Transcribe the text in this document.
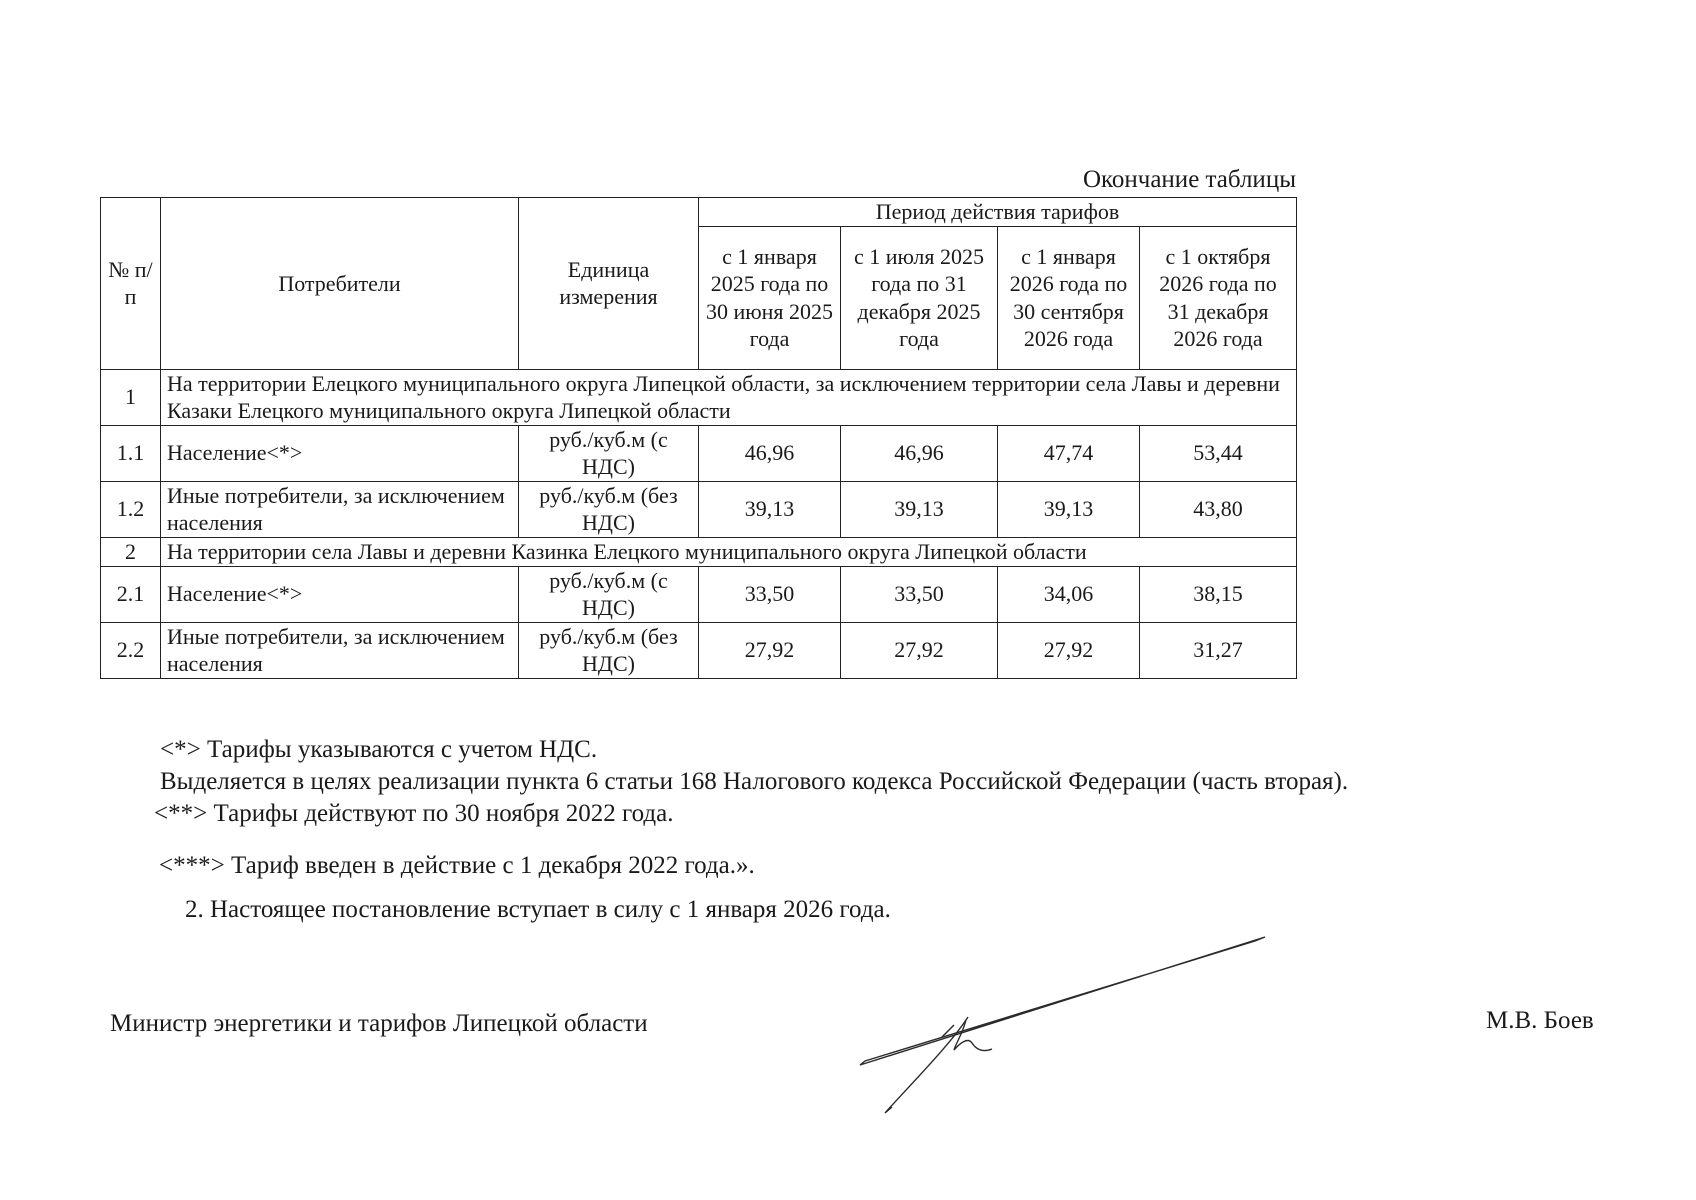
Окончание таблицы
№ п/п	Потребители	Единица измерения	Период действия тарифов			
			с 1 января 2025 года по 30 июня 2025 года	с 1 июля 2025 года по 31 декабря 2025 года	с 1 января 2026 года по 30 сентября 2026 года	с 1 октября 2026 года по 31 декабря 2026 года
1	На территории Елецкого муниципального округа Липецкой области, за исключением территории села Лавы и деревни Казаки Елецкого муниципального округа Липецкой области					
1.1	Население<*>	руб./куб.м (с НДС)	46,96	46,96	47,74	53,44
1.2	Иные потребители, за исключением населения	руб./куб.м (без НДС)	39,13	39,13	39,13	43,80
2	На территории села Лавы и деревни Казинка Елецкого муниципального округа Липецкой области					
2.1	Население<*>	руб./куб.м (с НДС)	33,50	33,50	34,06	38,15
2.2	Иные потребители, за исключением населения	руб./куб.м (без НДС)	27,92	27,92	27,92	31,27
<*> Тарифы указываются с учетом НДС.
Выделяется в целях реализации пункта 6 статьи 168 Налогового кодекса Российской Федерации (часть вторая).
<**> Тарифы действуют по 30 ноября 2022 года.
<***> Тариф введен в действие с 1 декабря 2022 года.».
2. Настоящее постановление вступает в силу с 1 января 2026 года.
Министр энергетики и тарифов Липецкой области	М.В. Боев
